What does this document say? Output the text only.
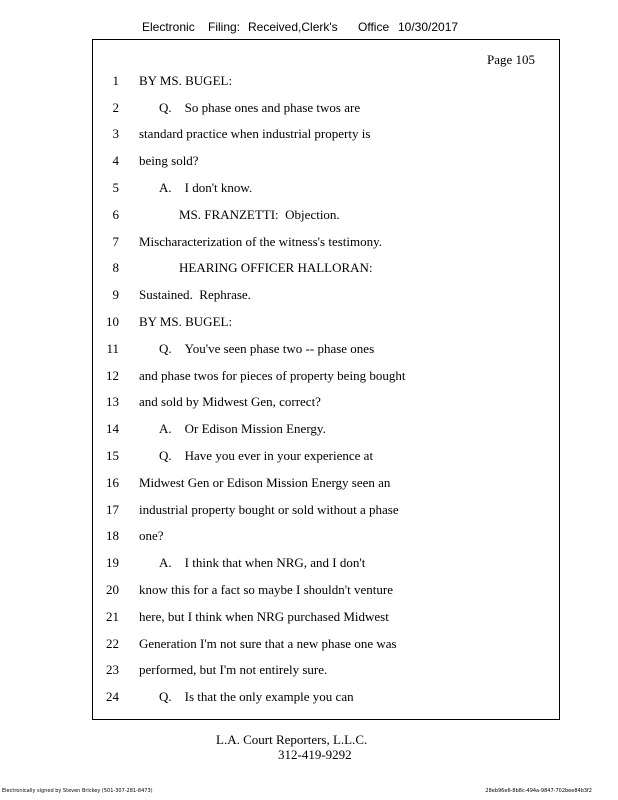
Electronic Filing: Received,Clerk's Office 10/30/2017
Page 105
1 BY MS. BUGEL:
2	Q.    So phase ones and phase twos are
3 standard practice when industrial property is
4 being sold?
5	A.    I don't know.
6	MS. FRANZETTI:  Objection.
7 Mischaracterization of the witness's testimony.
8	HEARING OFFICER HALLORAN:
9 Sustained.  Rephrase.
10 BY MS. BUGEL:
11	Q.    You've seen phase two -- phase ones
12 and phase twos for pieces of property being bought
13 and sold by Midwest Gen, correct?
14	A.    Or Edison Mission Energy.
15	Q.    Have you ever in your experience at
16 Midwest Gen or Edison Mission Energy seen an
17 industrial property bought or sold without a phase
18 one?
19	A.    I think that when NRG, and I don't
20 know this for a fact so maybe I shouldn't venture
21 here, but I think when NRG purchased Midwest
22 Generation I'm not sure that a new phase one was
23 performed, but I'm not entirely sure.
24	Q.    Is that the only example you can
L.A. Court Reporters, L.L.C.
312-419-9292
Electronically signed by Steven Brickey (501-307-281-8473)	28eb96e6-8b8c-494a-9847-702bee84b3f2
